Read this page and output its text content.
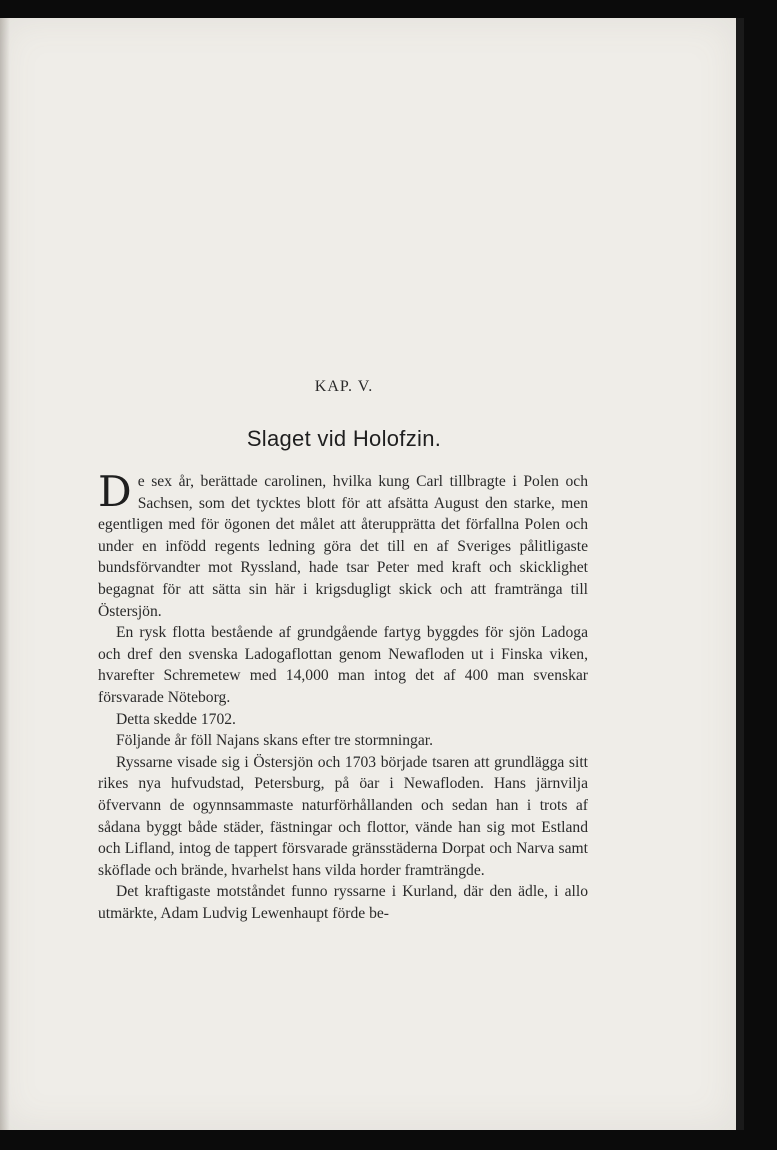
KAP. V.
Slaget vid Holofzin.

De sex år, berättade carolinen, hvilka kung Carl tillbragte i Polen och Sachsen, som det tycktes blott för att afsätta August den starke, men egentligen med för ögonen det målet att återupprätta det förfallna Polen och under en infödd regents ledning göra det till en af Sveriges pålitligaste bundsförvandter mot Ryssland, hade tsar Peter med kraft och skicklighet begagnat för att sätta sin här i krigsdugligt skick och att framtränga till Östersjön.

En rysk flotta bestående af grundgående fartyg byggdes för sjön Ladoga och dref den svenska Ladogaflottan genom Newafloden ut i Finska viken, hvarefter Schremetew med 14,000 man intog det af 400 man svenskar försvarade Nöteborg.

Detta skedde 1702.

Följande år föll Najans skans efter tre stormningar.

Ryssarne visade sig i Östersjön och 1703 började tsaren att grundlägga sitt rikes nya hufvudstad, Petersburg, på öar i Newafloden. Hans järnvilja öfvervann de ogynnsammaste naturförhållanden och sedan han i trots af sådana byggt både städer, fästningar och flottor, vände han sig mot Estland och Lifland, intog de tappert försvarade gränsstäderna Dorpat och Narva samt sköflade och brände, hvarhelst hans vilda horder framträngde.

Det kraftigaste motståndet funno ryssarne i Kurland, där den ädle, i allo utmärkte, Adam Ludvig Lewenhaupt förde be-
